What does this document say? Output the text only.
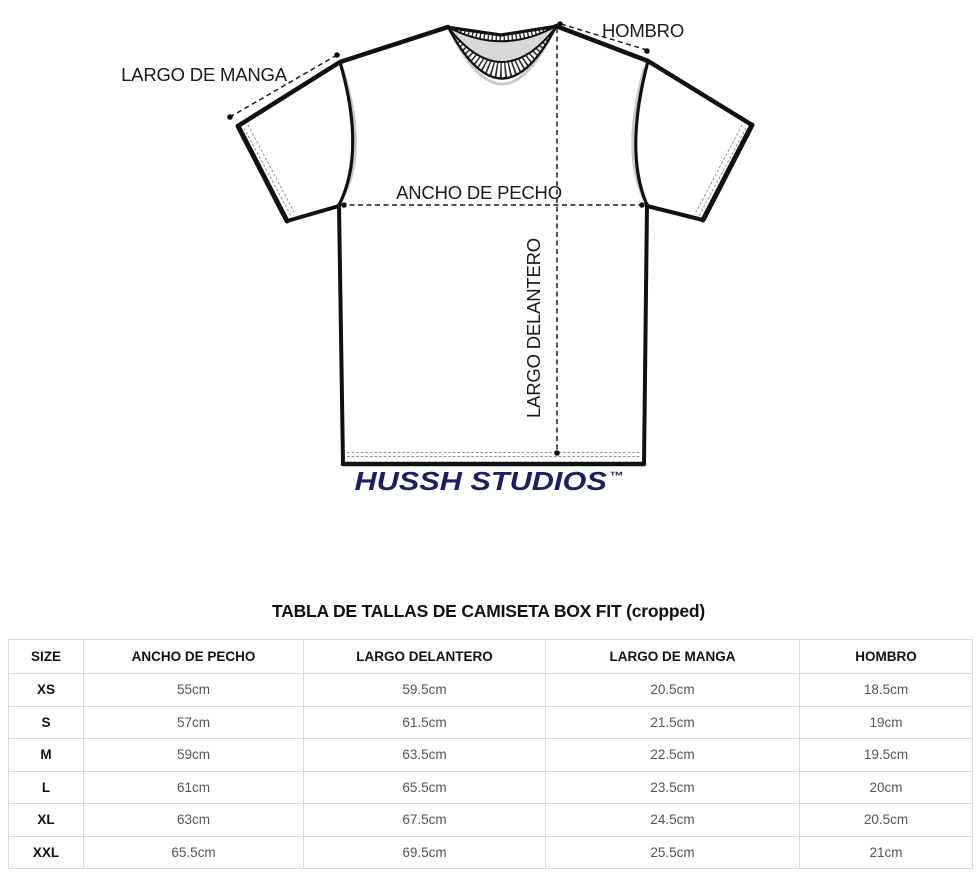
LARGO DE MANGA
HOMBRO
ANCHO DE PECHO
LARGO DELANTERO
HUSSH STUDIOS ™
TABLA DE TALLAS DE CAMISETA BOX FIT (cropped)
SIZE	ANCHO DE PECHO	LARGO DELANTERO	LARGO DE MANGA	HOMBRO
XS	55cm	59.5cm	20.5cm	18.5cm
S	57cm	61.5cm	21.5cm	19cm
M	59cm	63.5cm	22.5cm	19.5cm
L	61cm	65.5cm	23.5cm	20cm
XL	63cm	67.5cm	24.5cm	20.5cm
XXL	65.5cm	69.5cm	25.5cm	21cm
